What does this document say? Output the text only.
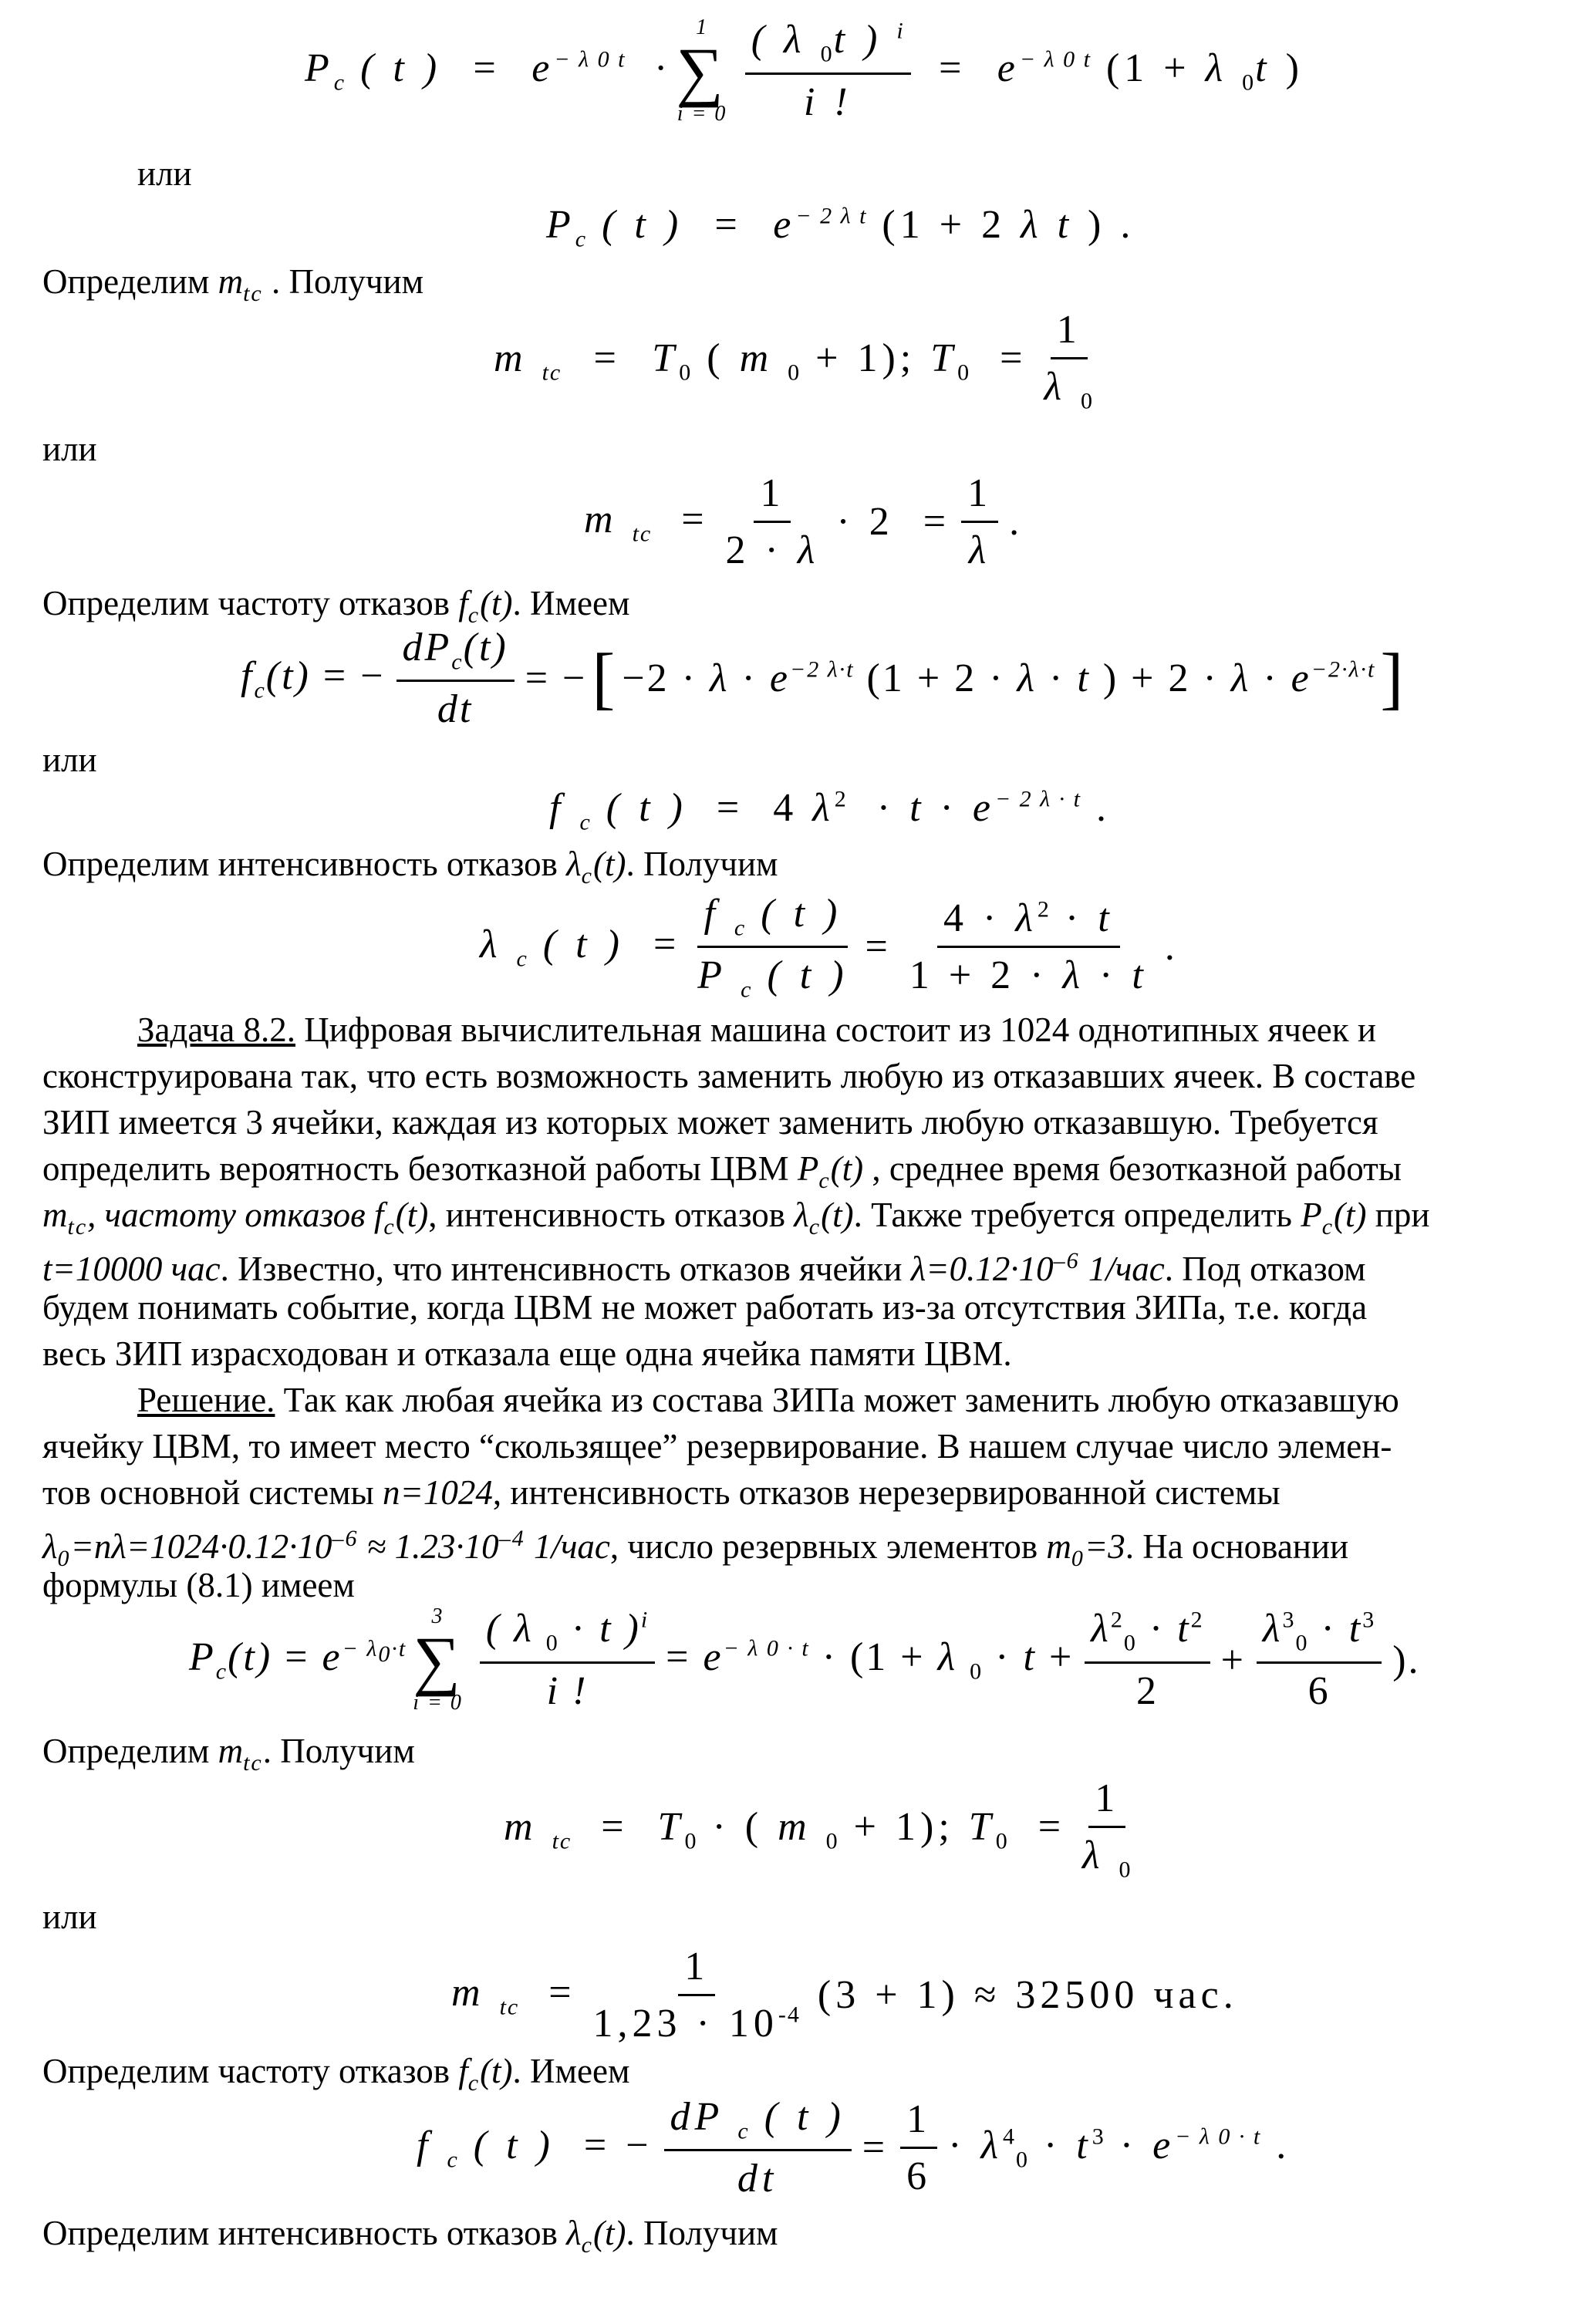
$P_c$ ( t )  =  $e^{- \lambda 0 t}$  ·
1
∑
$i = 0 \frac{( \lambda _0t ) ^i}{i !} = e^{- \lambda 0 t}$ (1 + λ $_0$t )
или
$P_c$ ( t )  =  $e^{- 2 \lambda t}$ (1 + 2 λ t ) .
Определим $m_{tc}$ . Получим
m $_{tc} = T_0$ ( m $_0$ + 1); $T_0 = \frac{1}{\lambda _0}$
или
m $_{tc} = \frac{1}{2 \cdot \lambda} \cdot 2 = \frac{1}{\lambda}$ .
Определим частоту отказов $f_c(t)$. Имеем
$f_c(t)$ = − $\frac{dP_c(t)}{dt}$ = − [ $-2 \cdot \lambda \cdot e^{-2 \lambda\cdot t}$ (1 + 2 · λ · t ) + $2 \cdot \lambda \cdot e^{-2\cdot\lambda\cdot t}$ ]
или
f $_c$ ( t )  =  4 $\lambda^2 \cdot t \cdot e^{- 2 \lambda \cdot t}$ .
Определим интенсивность отказов $\lambda_c(t)$. Получим
λ $_c$ ( t )  = $\frac{f _c ( t )}{P _c ( t )} = \frac{4 \cdot \lambda^2 \cdot t}{1 + 2 \cdot \lambda \cdot t}$ .
Задача 8.2. Цифровая вычислительная машина состоит из 1024 однотипных ячеек и
сконструирована так, что есть возможность заменить любую из отказавших ячеек. В составе
ЗИП имеется 3 ячейки, каждая из которых может заменить любую отказавшую. Требуется
определить вероятность безотказной работы ЦВМ $P_c(t)$ , среднее время безотказной работы
$m_{tc}$, частоту отказов $f_c(t)$, интенсивность отказов $\lambda_c(t)$. Также требуется определить $P_c(t)$ при
t=10000 час. Известно, что интенсивность отказов ячейки $\lambda=0.12\cdot 10^{-6}$ 1/час. Под отказом
будем понимать событие, когда ЦВМ не может работать из-за отсутствия ЗИПа, т.е. когда
весь ЗИП израсходован и отказала еще одна ячейка памяти ЦВМ.
Решение. Так как любая ячейка из состава ЗИПа может заменить любую отказавшую
ячейку ЦВМ, то имеет место “скользящее” резервирование. В нашем случае число элемен-
тов основной системы n=1024, интенсивность отказов нерезервированной системы
$\lambda_0=n\lambda=1024\cdot 0.12\cdot 10^{-6} \approx 1.23\cdot 10^{-4}$ 1/час, число резервных элементов $m_0=3$. На основании
формулы (8.1) имеем
$P_c(t) = e^{- \lambda_0\cdot t}$
3
∑
$i = 0 \frac{( \lambda _0 \cdot t )^i}{i !} = e^{- \lambda 0 \cdot t} \cdot (1 + \lambda$ $_0 \cdot t + \frac{\lambda^2_0 \cdot t^2}{2} + \frac{\lambda^3_0 \cdot t^3}{6}$ ).
Определим $m_{tc}$. Получим
m $_{tc} = T_0$ · ( m $_0$ + 1); $T_0 = \frac{1}{\lambda _0}$
или
m $_{tc} = \frac{1}{1,23 \cdot 10^{-4}} (3 + 1) \approx 32500$ час.
Определим частоту отказов $f_c(t)$. Имеем
f $_c$ ( t )  = − $\frac{dP _c ( t )}{dt} = \frac{1}{6} \cdot \lambda^4_0 \cdot t^3 \cdot e^{- \lambda 0 \cdot t}$ .
Определим интенсивность отказов $\lambda_c(t)$. Получим
